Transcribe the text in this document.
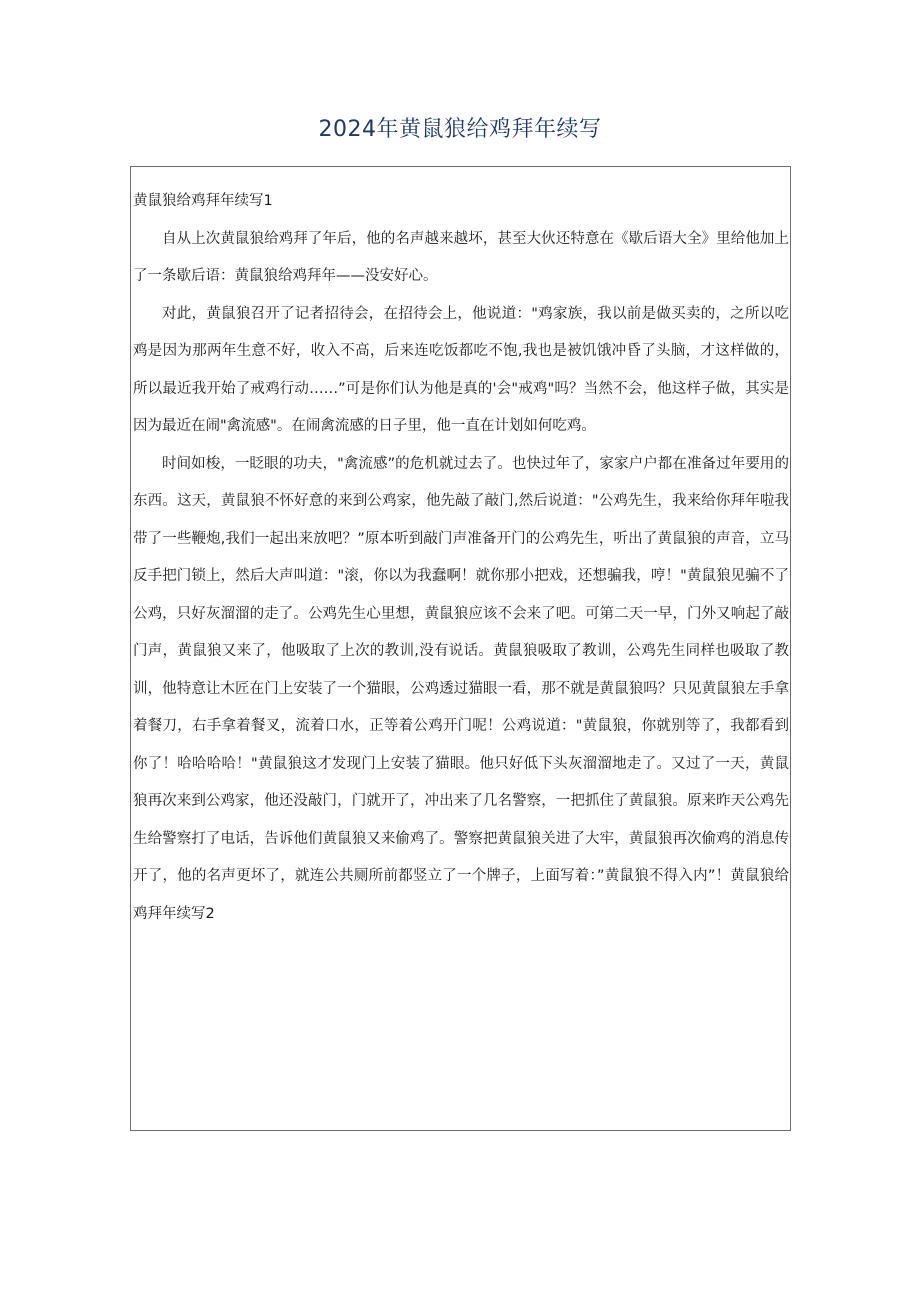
2024年黄鼠狼给鸡拜年续写

黄鼠狼给鸡拜年续写1

自从上次黄鼠狼给鸡拜了年后，他的名声越来越坏，甚至大伙还特意在《歇后语大全》里给他加上了一条歇后语：黄鼠狼给鸡拜年——没安好心。

对此，黄鼠狼召开了记者招待会，在招待会上，他说道："鸡家族，我以前是做买卖的，之所以吃鸡是因为那两年生意不好，收入不高，后来连吃饭都吃不饱,我也是被饥饿冲昏了头脑，才这样做的，所以最近我开始了戒鸡行动……”可是你们认为他是真的'会"戒鸡"吗？当然不会，他这样子做，其实是因为最近在闹"禽流感"。在闹禽流感的日子里，他一直在计划如何吃鸡。

时间如梭，一眨眼的功夫，"禽流感”的危机就过去了。也快过年了，家家户户都在准备过年要用的东西。这天，黄鼠狼不怀好意的来到公鸡家，他先敲了敲门,然后说道："公鸡先生，我来给你拜年啦我带了一些鞭炮,我们一起出来放吧？”原本听到敲门声准备开门的公鸡先生，听出了黄鼠狼的声音，立马反手把门锁上，然后大声叫道："滚，你以为我蠢啊！就你那小把戏，还想骗我，哼！"黄鼠狼见骗不了公鸡，只好灰溜溜的走了。公鸡先生心里想，黄鼠狼应该不会来了吧。可第二天一早，门外又响起了敲门声，黄鼠狼又来了，他吸取了上次的教训,没有说话。黄鼠狼吸取了教训，公鸡先生同样也吸取了教训，他特意让木匠在门上安装了一个猫眼，公鸡透过猫眼一看，那不就是黄鼠狼吗？只见黄鼠狼左手拿着餐刀，右手拿着餐叉，流着口水，正等着公鸡开门呢！公鸡说道："黄鼠狼，你就别等了，我都看到你了！哈哈哈哈！"黄鼠狼这才发现门上安装了猫眼。他只好低下头灰溜溜地走了。又过了一天，黄鼠狼再次来到公鸡家，他还没敲门，门就开了，冲出来了几名警察，一把抓住了黄鼠狼。原来昨天公鸡先生给警察打了电话，告诉他们黄鼠狼又来偷鸡了。警察把黄鼠狼关进了大牢，黄鼠狼再次偷鸡的消息传开了，他的名声更坏了，就连公共厕所前都竖立了一个牌子，上面写着：”黄鼠狼不得入内”！黄鼠狼给鸡拜年续写2
